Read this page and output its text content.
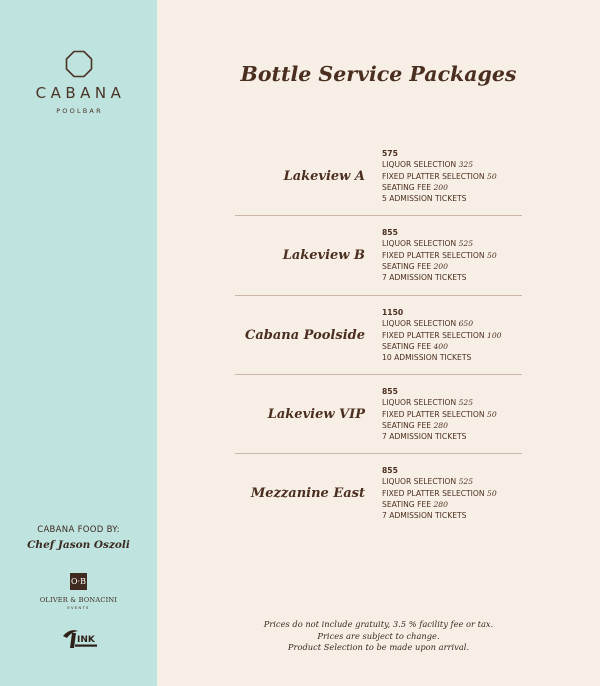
CABANA
POOLBAR
CABANA FOOD BY:
Chef Jason Oszoli
O·B
OLIVER & BONACINI
EVENTS
INK
Bottle Service Packages
Lakeview A
575
LIQUOR SELECTION 325
FIXED PLATTER SELECTION 50
SEATING FEE 200
5 ADMISSION TICKETS
Lakeview B
855
LIQUOR SELECTION 525
FIXED PLATTER SELECTION 50
SEATING FEE 200
7 ADMISSION TICKETS
Cabana Poolside
1150
LIQUOR SELECTION 650
FIXED PLATTER SELECTION 100
SEATING FEE 400
10 ADMISSION TICKETS
Lakeview VIP
855
LIQUOR SELECTION 525
FIXED PLATTER SELECTION 50
SEATING FEE 280
7 ADMISSION TICKETS
Mezzanine East
855
LIQUOR SELECTION 525
FIXED PLATTER SELECTION 50
SEATING FEE 280
7 ADMISSION TICKETS
Prices do not include gratuity, 3.5 % facility fee or tax.
Prices are subject to change.
Product Selection to be made upon arrival.
